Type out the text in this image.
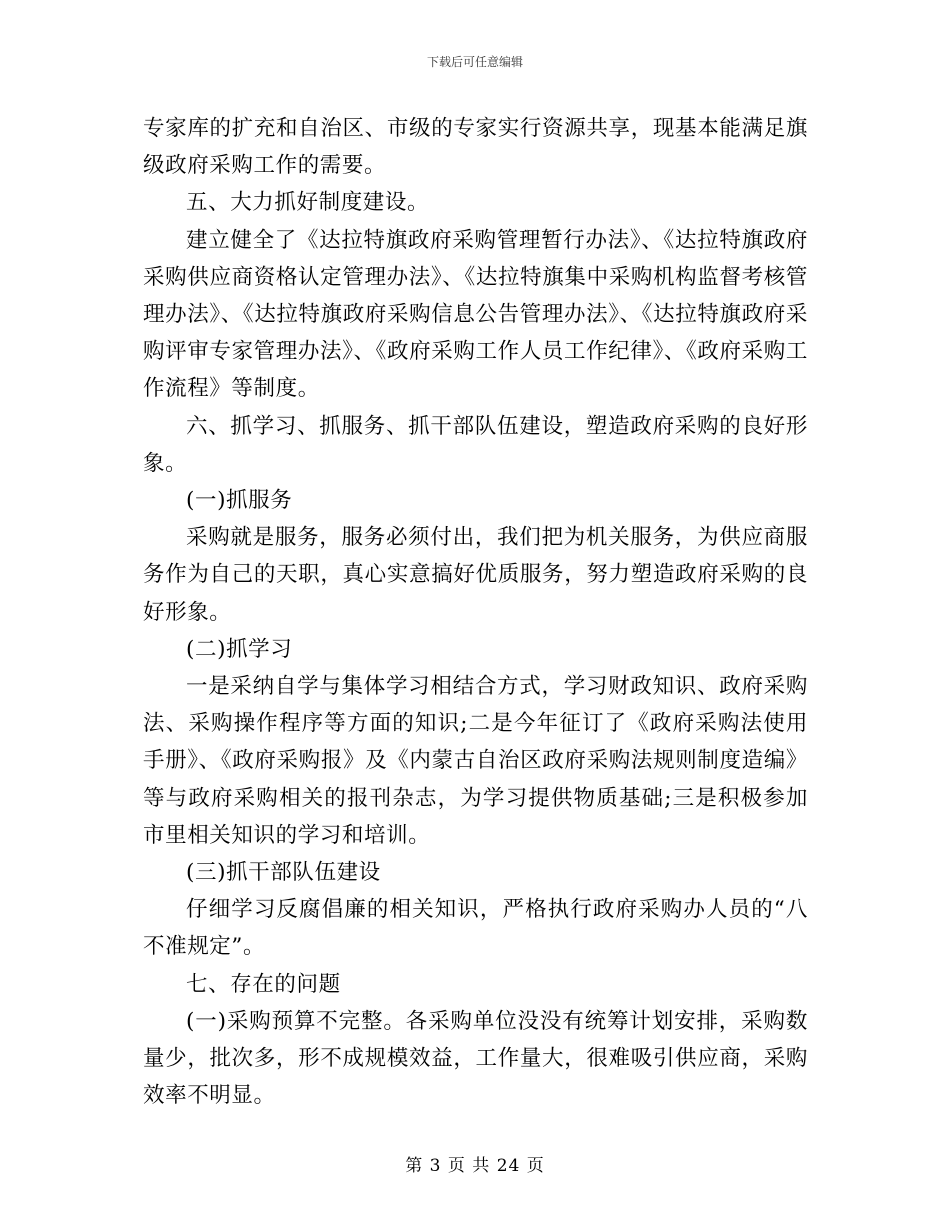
下载后可任意编辑

专家库的扩充和自治区、市级的专家实行资源共享，现基本能满足旗级政府采购工作的需要。

五、大力抓好制度建设。

建立健全了《达拉特旗政府采购管理暂行办法》、《达拉特旗政府采购供应商资格认定管理办法》、《达拉特旗集中采购机构监督考核管理办法》、《达拉特旗政府采购信息公告管理办法》、《达拉特旗政府采购评审专家管理办法》、《政府采购工作人员工作纪律》、《政府采购工作流程》等制度。

六、抓学习、抓服务、抓干部队伍建设，塑造政府采购的良好形象。

(一)抓服务

采购就是服务，服务必须付出，我们把为机关服务，为供应商服务作为自己的天职，真心实意搞好优质服务，努力塑造政府采购的良好形象。

(二)抓学习

一是采纳自学与集体学习相结合方式，学习财政知识、政府采购法、采购操作程序等方面的知识;二是今年征订了《政府采购法使用手册》、《政府采购报》及《内蒙古自治区政府采购法规则制度造编》等与政府采购相关的报刊杂志，为学习提供物质基础;三是积极参加市里相关知识的学习和培训。

(三)抓干部队伍建设

仔细学习反腐倡廉的相关知识，严格执行政府采购办人员的“八不准规定”。

七、存在的问题

(一)采购预算不完整。各采购单位没没有统筹计划安排，采购数量少，批次多，形不成规模效益，工作量大，很难吸引供应商，采购效率不明显。

第 3 页 共 24 页
